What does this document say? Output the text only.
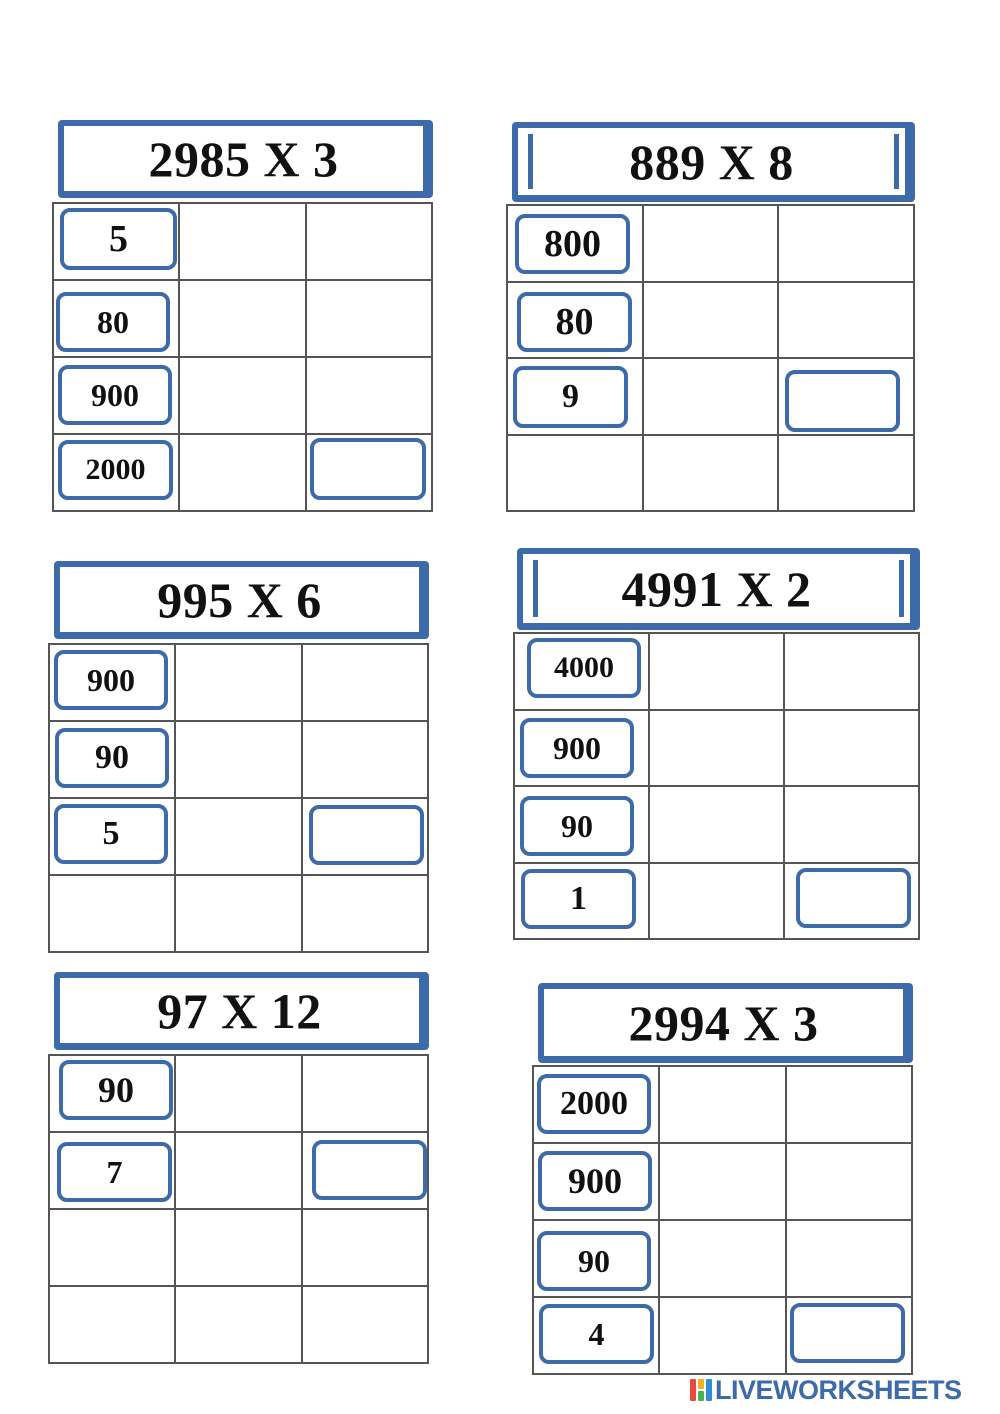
2985 X 3
5
80
900
2000
889 X 8
800
80
9
995 X 6
900
90
5
4991 X 2
4000
900
90
1
97 X 12
90
7
2994 X 3
2000
900
90
4
LIVEWORKSHEETS
